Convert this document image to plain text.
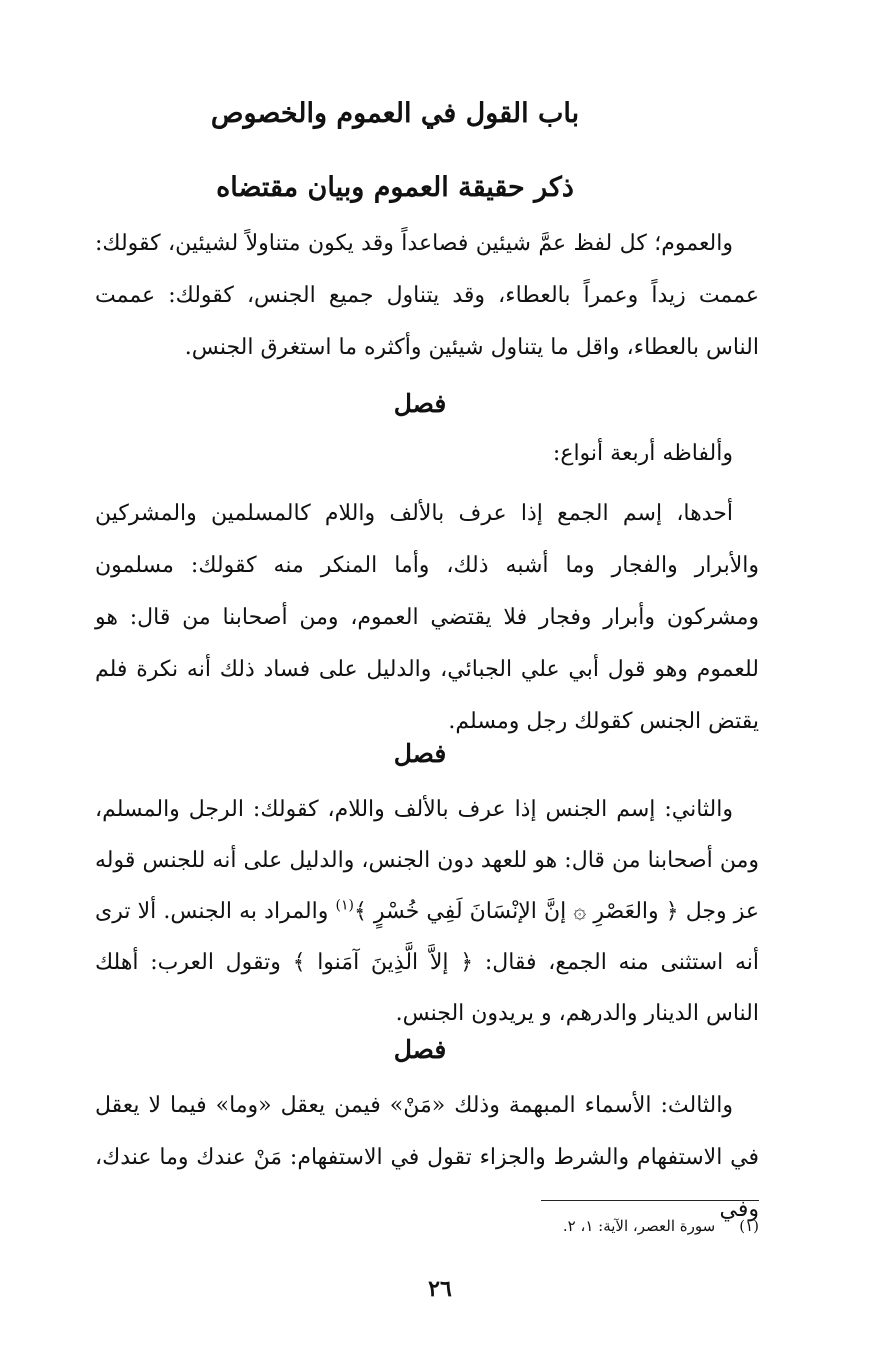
باب القول في العموم والخصوص
ذكر حقيقة العموم وبيان مقتضاه

والعموم؛ كل لفظ عمَّ شيئين فصاعداً وقد يكون متناولاً لشيئين، كقولك: عممت زيداً وعمراً بالعطاء، وقد يتناول جميع الجنس، كقولك: عممت الناس بالعطاء، واقل ما يتناول شيئين وأكثره ما استغرق الجنس.

فصل

وألفاظه أربعة أنواع:

أحدها، إسم الجمع إذا عرف بالألف واللام كالمسلمين والمشركين والأبرار والفجار وما أشبه ذلك، وأما المنكر منه كقولك: مسلمون ومشركون وأبرار وفجار فلا يقتضي العموم، ومن أصحابنا من قال: هو للعموم وهو قول أبي علي الجبائي، والدليل على فساد ذلك أنه نكرة فلم يقتض الجنس كقولك رجل ومسلم.

فصل

والثاني: إسم الجنس إذا عرف بالألف واللام، كقولك: الرجل والمسلم، ومن أصحابنا من قال: هو للعهد دون الجنس، والدليل على أنه للجنس قوله عز وجل ﴿ والعَصْرِ ۞ إنَّ الإنْسَانَ لَفِي خُسْرٍ ﴾$^{(١)}$ والمراد به الجنس. ألا ترى أنه استثنى منه الجمع، فقال: ﴿ إلاَّ الَّذِينَ آمَنوا ﴾ وتقول العرب: أهلك الناس الدينار والدرهم، و يريدون الجنس.

فصل

والثالث: الأسماء المبهمة وذلك «مَنْ» فيمن يعقل «وما» فيما لا يعقل في الاستفهام والشرط والجزاء تقول في الاستفهام: مَنْ عندك وما عندك، وفي

(١)سورة العصر، الآية: ١، ٢.
٢٦
